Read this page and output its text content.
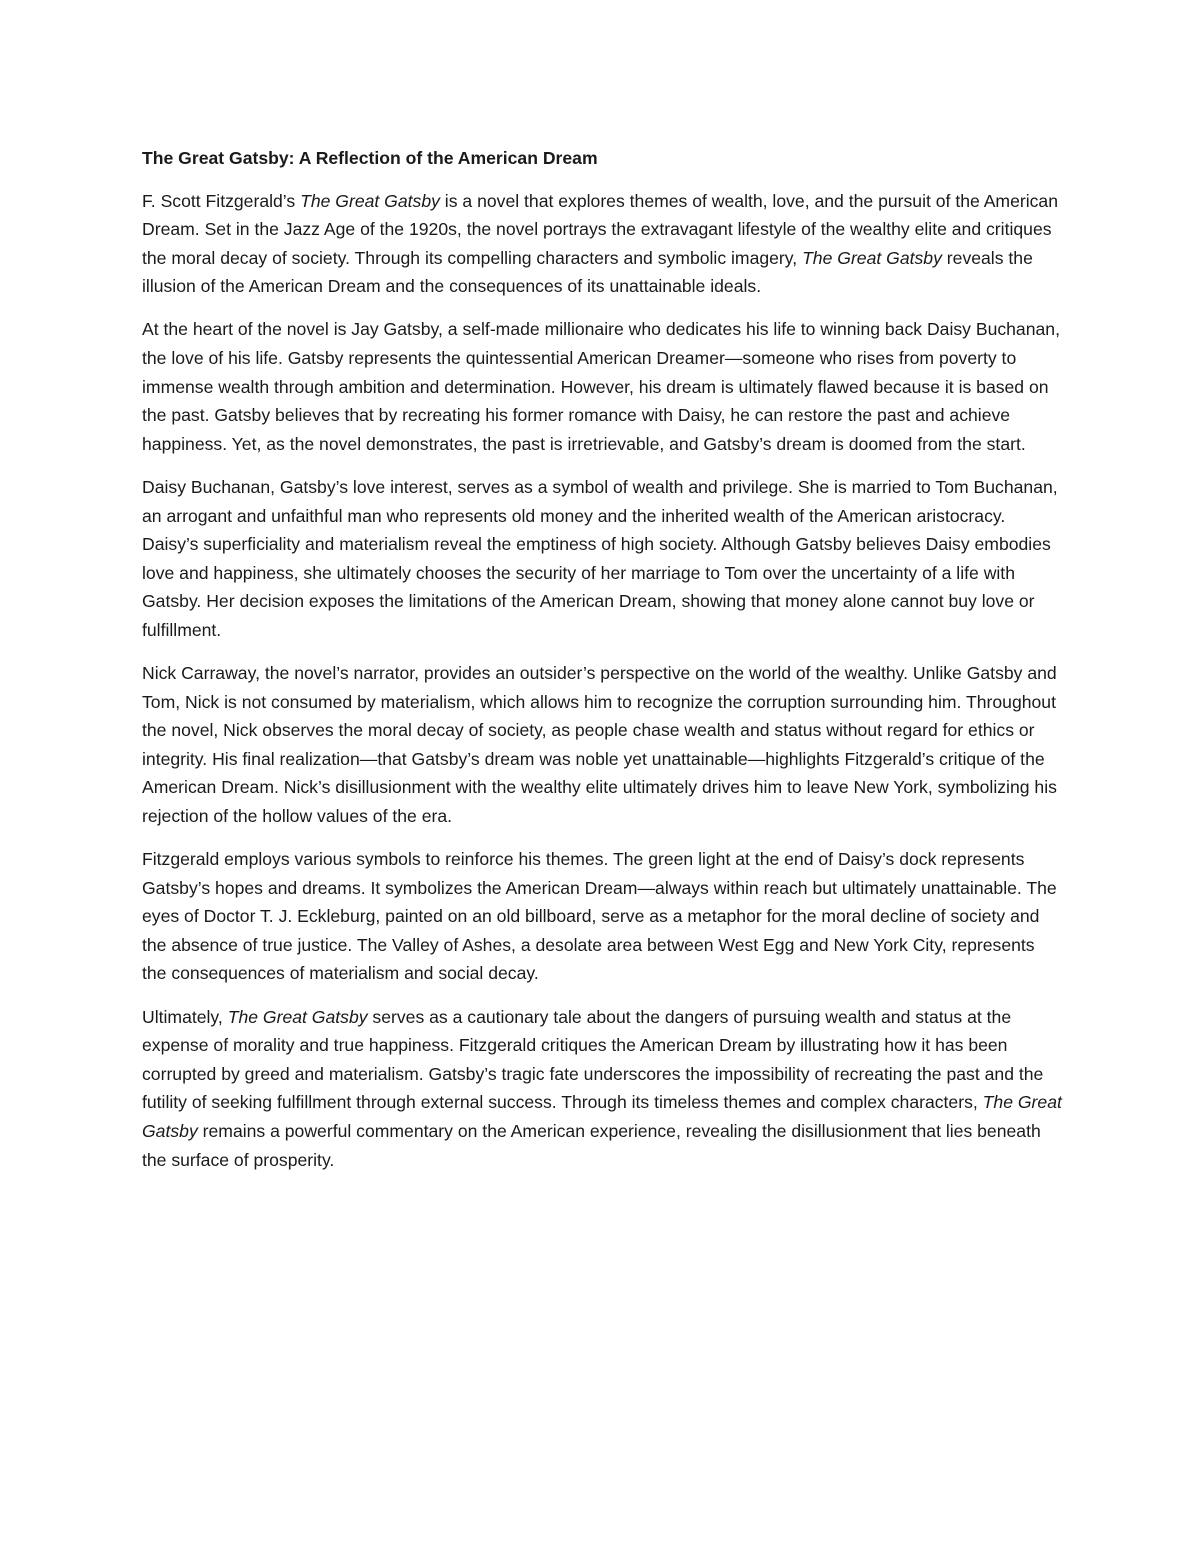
The Great Gatsby: A Reflection of the American Dream

F. Scott Fitzgerald’s The Great Gatsby is a novel that explores themes of wealth, love, and the pursuit of the American Dream. Set in the Jazz Age of the 1920s, the novel portrays the extravagant lifestyle of the wealthy elite and critiques the moral decay of society. Through its compelling characters and symbolic imagery, The Great Gatsby reveals the illusion of the American Dream and the consequences of its unattainable ideals.

At the heart of the novel is Jay Gatsby, a self-made millionaire who dedicates his life to winning back Daisy Buchanan, the love of his life. Gatsby represents the quintessential American Dreamer—someone who rises from poverty to immense wealth through ambition and determination. However, his dream is ultimately flawed because it is based on the past. Gatsby believes that by recreating his former romance with Daisy, he can restore the past and achieve happiness. Yet, as the novel demonstrates, the past is irretrievable, and Gatsby’s dream is doomed from the start.

Daisy Buchanan, Gatsby’s love interest, serves as a symbol of wealth and privilege. She is married to Tom Buchanan, an arrogant and unfaithful man who represents old money and the inherited wealth of the American aristocracy. Daisy’s superficiality and materialism reveal the emptiness of high society. Although Gatsby believes Daisy embodies love and happiness, she ultimately chooses the security of her marriage to Tom over the uncertainty of a life with Gatsby. Her decision exposes the limitations of the American Dream, showing that money alone cannot buy love or fulfillment.

Nick Carraway, the novel’s narrator, provides an outsider’s perspective on the world of the wealthy. Unlike Gatsby and Tom, Nick is not consumed by materialism, which allows him to recognize the corruption surrounding him. Throughout the novel, Nick observes the moral decay of society, as people chase wealth and status without regard for ethics or integrity. His final realization—that Gatsby’s dream was noble yet unattainable—highlights Fitzgerald’s critique of the American Dream. Nick’s disillusionment with the wealthy elite ultimately drives him to leave New York, symbolizing his rejection of the hollow values of the era.

Fitzgerald employs various symbols to reinforce his themes. The green light at the end of Daisy’s dock represents Gatsby’s hopes and dreams. It symbolizes the American Dream—always within reach but ultimately unattainable. The eyes of Doctor T. J. Eckleburg, painted on an old billboard, serve as a metaphor for the moral decline of society and the absence of true justice. The Valley of Ashes, a desolate area between West Egg and New York City, represents the consequences of materialism and social decay.

Ultimately, The Great Gatsby serves as a cautionary tale about the dangers of pursuing wealth and status at the expense of morality and true happiness. Fitzgerald critiques the American Dream by illustrating how it has been corrupted by greed and materialism. Gatsby’s tragic fate underscores the impossibility of recreating the past and the futility of seeking fulfillment through external success. Through its timeless themes and complex characters, The Great Gatsby remains a powerful commentary on the American experience, revealing the disillusionment that lies beneath the surface of prosperity.
